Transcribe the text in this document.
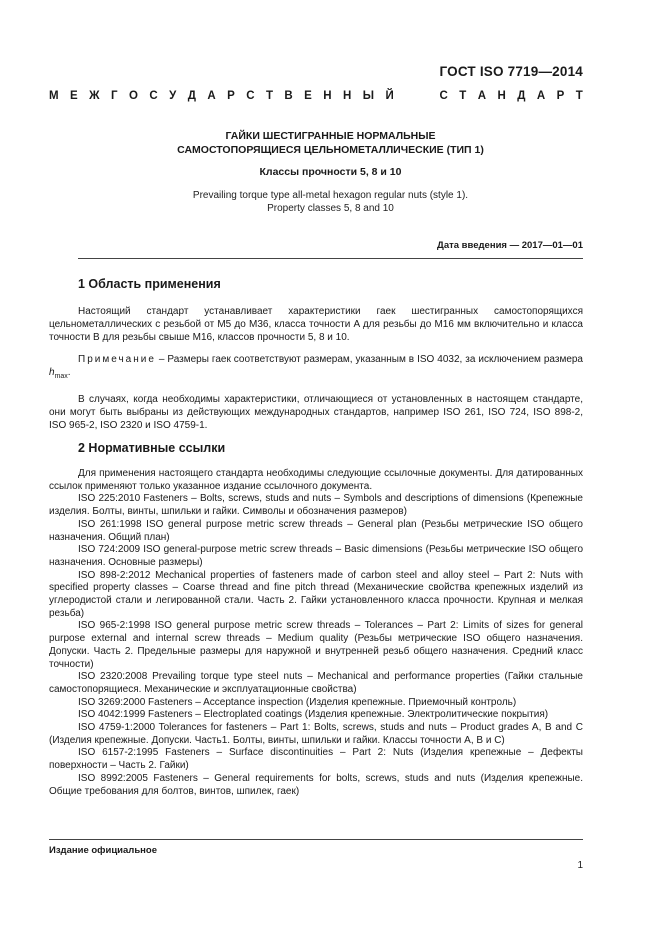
ГОСТ ISO 7719—2014
М Е Ж Г О С У Д А Р С Т В Е Н Н Ы Й	С Т А Н Д А Р Т
ГАЙКИ ШЕСТИГРАННЫЕ НОРМАЛЬНЫЕ
САМОСТОПОРЯЩИЕСЯ ЦЕЛЬНОМЕТАЛЛИЧЕСКИЕ (ТИП 1)
Классы прочности 5, 8 и 10
Prevailing torque type all-metal hexagon regular nuts (style 1).
Property classes 5, 8 and 10
Дата введения — 2017—01—01
1 Область применения
Настоящий стандарт устанавливает характеристики гаек шестигранных самостопорящихся цельнометаллических с резьбой от M5 до M36, класса точности A для резьбы до M16 мм включительно и класса точности B для резьбы свыше M16, классов прочности 5, 8 и 10.
Примечание – Размеры гаек соответствуют размерам, указанным в ISO 4032, за исключением размера $h_{max}$.
В случаях, когда необходимы характеристики, отличающиеся от установленных в настоящем стандарте, они могут быть выбраны из действующих международных стандартов, например ISO 261, ISO 724, ISO 898-2, ISO 965-2, ISO 2320 и ISO 4759-1.
2 Нормативные ссылки

Для применения настоящего стандарта необходимы следующие ссылочные документы. Для датированных ссылок применяют только указанное издание ссылочного документа.

ISO 225:2010 Fasteners – Bolts, screws, studs and nuts – Symbols and descriptions of dimensions (Крепежные изделия. Болты, винты, шпильки и гайки. Символы и обозначения размеров)

ISO 261:1998 ISO general purpose metric screw threads – General plan (Резьбы метрические ISO общего назначения. Общий план)

ISO 724:2009 ISO general-purpose metric screw threads – Basic dimensions (Резьбы метрические ISO общего назначения. Основные размеры)

ISO 898-2:2012 Mechanical properties of fasteners made of carbon steel and alloy steel – Part 2: Nuts with specified property classes – Coarse thread and fine pitch thread (Механические свойства крепежных изделий из углеродистой стали и легированной стали. Часть 2. Гайки установленного класса прочности. Крупная и мелкая резьба)

ISO 965-2:1998 ISO general purpose metric screw threads – Tolerances – Part 2: Limits of sizes for general purpose external and internal screw threads – Medium quality (Резьбы метрические ISO общего назначения. Допуски. Часть 2. Предельные размеры для наружной и внутренней резьб общего назначения. Средний класс точности)

ISO 2320:2008 Prevailing torque type steel nuts – Mechanical and performance properties (Гайки стальные самостопорящиеся. Механические и эксплуатационные свойства)

ISO 3269:2000 Fasteners – Acceptance inspection (Изделия крепежные. Приемочный контроль)

ISO 4042:1999 Fasteners – Electroplated coatings (Изделия крепежные. Электролитические покрытия)

ISO 4759-1:2000 Tolerances for fasteners – Part 1: Bolts, screws, studs and nuts – Product grades A, B and C (Изделия крепежные. Допуски. Часть1. Болты, винты, шпильки и гайки. Классы точности A, B и C)

ISO 6157-2:1995 Fasteners – Surface discontinuities – Part 2: Nuts (Изделия крепежные – Дефекты поверхности – Часть 2. Гайки)

ISO 8992:2005 Fasteners – General requirements for bolts, screws, studs and nuts (Изделия крепежные. Общие требования для болтов, винтов, шпилек, гаек)

Издание официальное
1
